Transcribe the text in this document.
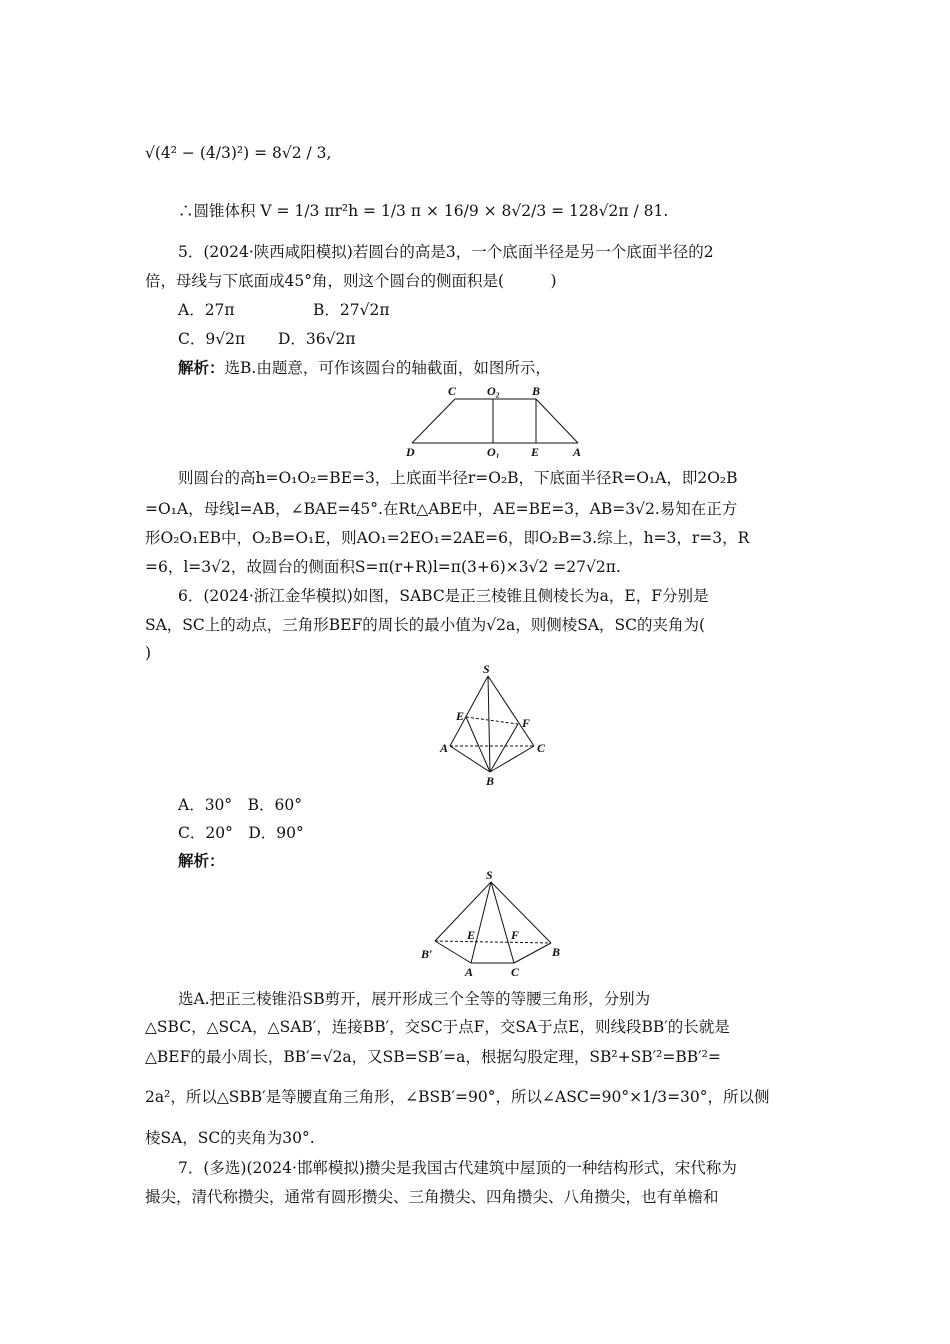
√(4² − (4/3)²) = 8√2 / 3,
∴圆锥体积 V = 1/3 πr²h = 1/3 π × 16/9 × 8√2/3 = 128√2π / 81.
5．(2024·陕西咸阳模拟)若圆台的高是3，一个底面半径是另一个底面半径的2
倍，母线与下底面成45°角，则这个圆台的侧面积是(　　　)
A．27π	B．27√2π
C．9√2π D．36√2π
解析：选B.由题意，可作该圆台的轴截面，如图所示，
C	O₂	B
D	O₁	E	A
则圆台的高h=O₁O₂=BE=3，上底面半径r=O₂B，下底面半径R=O₁A，即2O₂B
=O₁A，母线l=AB，∠BAE=45°.在Rt△ABE中，AE=BE=3，AB=3√2.易知在正方
形O₂O₁EB中，O₂B=O₁E，则AO₁=2EO₁=2AE=6，即O₂B=3.综上，h=3，r=3，R
=6，l=3√2，故圆台的侧面积S=π(r+R)l=π(3+6)×3√2 =27√2π.
6．(2024·浙江金华模拟)如图，SABC是正三棱锥且侧棱长为a，E，F分别是
SA，SC上的动点，三角形BEF的周长的最小值为√2a，则侧棱SA，SC的夹角为(
)
S
E	F
A	C
B
A．30°　B．60°
C．20°　D．90°
解析：
S
E	F
B′	B
A	C
选A.把正三棱锥沿SB剪开，展开形成三个全等的等腰三角形，分别为
△SBC，△SCA，△SAB′，连接BB′，交SC于点F，交SA于点E，则线段BB′的长就是
△BEF的最小周长，BB′=√2a，又SB=SB′=a，根据勾股定理，SB²+SB′²=BB′²=
2a²，所以△SBB′是等腰直角三角形，∠BSB′=90°，所以∠ASC=90°×1/3=30°，所以侧
棱SA，SC的夹角为30°.
7．(多选)(2024·邯郸模拟)攒尖是我国古代建筑中屋顶的一种结构形式，宋代称为
撮尖，清代称攒尖，通常有圆形攒尖、三角攒尖、四角攒尖、八角攒尖，也有单檐和
